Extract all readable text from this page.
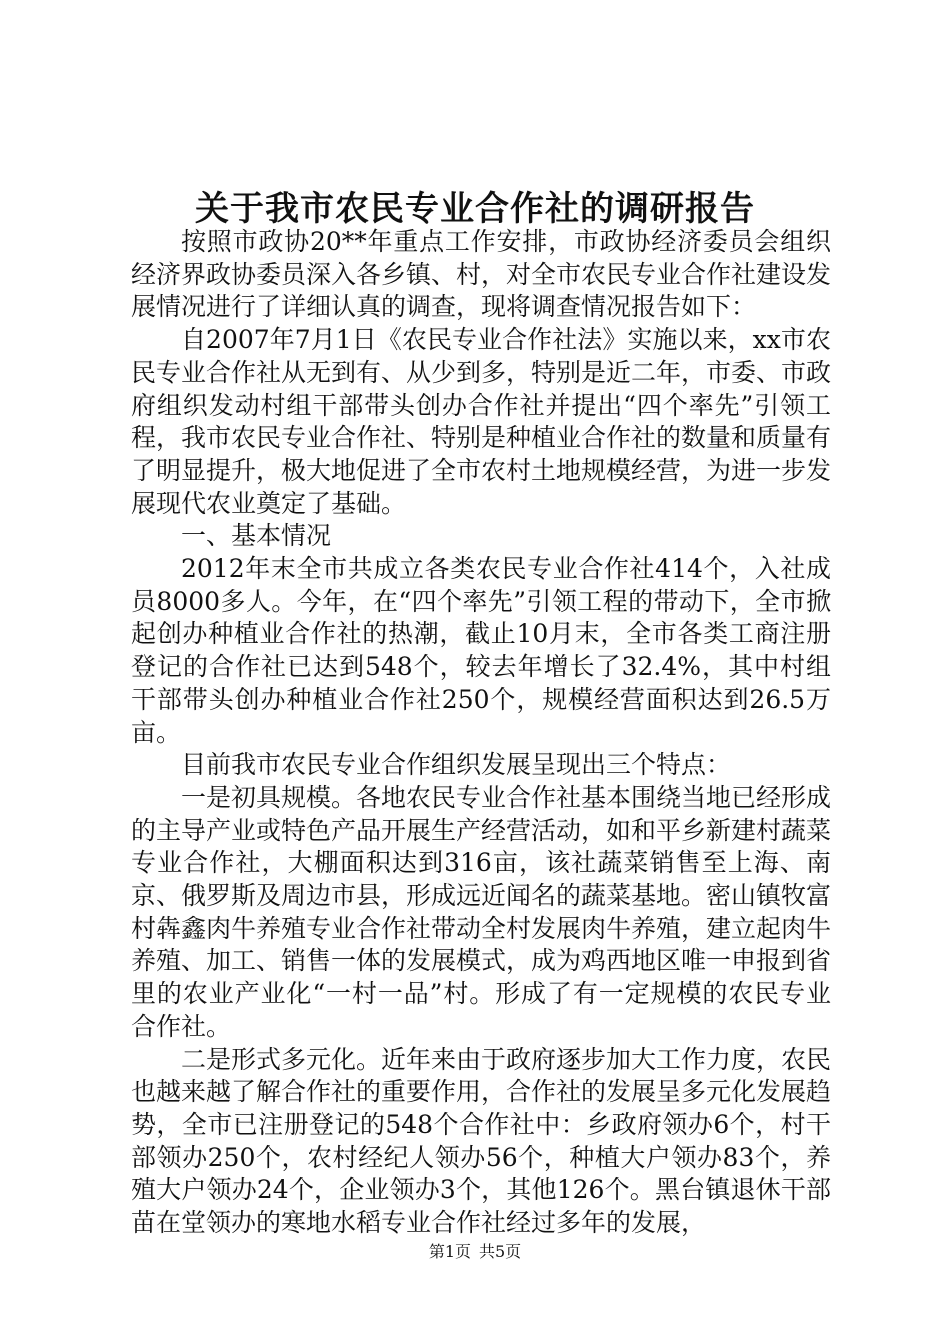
关于我市农民专业合作社的调研报告

按照市政协20**年重点工作安排，市政协经济委员会组织经济界政协委员深入各乡镇、村，对全市农民专业合作社建设发展情况进行了详细认真的调查，现将调查情况报告如下：

自2007年7月1日《农民专业合作社法》实施以来，xx市农民专业合作社从无到有、从少到多，特别是近二年，市委、市政府组织发动村组干部带头创办合作社并提出“四个率先”引领工程，我市农民专业合作社、特别是种植业合作社的数量和质量有了明显提升，极大地促进了全市农村土地规模经营，为进一步发展现代农业奠定了基础。

一、基本情况

2012年末全市共成立各类农民专业合作社414个，入社成员8000多人。今年，在“四个率先”引领工程的带动下，全市掀起创办种植业合作社的热潮，截止10月末，全市各类工商注册登记的合作社已达到548个，较去年增长了32.4%，其中村组干部带头创办种植业合作社250个，规模经营面积达到26.5万亩。

目前我市农民专业合作组织发展呈现出三个特点：

一是初具规模。各地农民专业合作社基本围绕当地已经形成的主导产业或特色产品开展生产经营活动，如和平乡新建村蔬菜专业合作社，大棚面积达到316亩，该社蔬菜销售至上海、南京、俄罗斯及周边市县，形成远近闻名的蔬菜基地。密山镇牧富村犇鑫肉牛养殖专业合作社带动全村发展肉牛养殖，建立起肉牛养殖、加工、销售一体的发展模式，成为鸡西地区唯一申报到省里的农业产业化“一村一品”村。形成了有一定规模的农民专业合作社。

二是形式多元化。近年来由于政府逐步加大工作力度，农民也越来越了解合作社的重要作用，合作社的发展呈多元化发展趋势，全市已注册登记的548个合作社中：乡政府领办6个，村干部领办250个，农村经纪人领办56个，种植大户领办83个，养殖大户领办24个，企业领办3个，其他126个。黑台镇退休干部苗在堂领办的寒地水稻专业合作社经过多年的发展，

第1页 共5页
